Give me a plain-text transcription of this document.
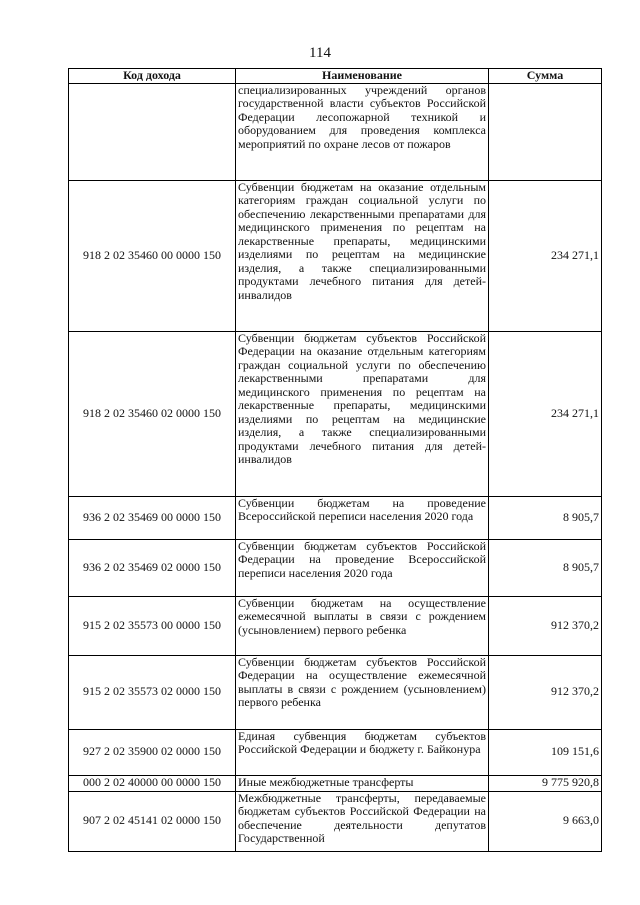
114
Код дохода	Наименование	Сумма
	специализированных учреждений органов государственной власти субъектов Российской Федерации лесопожарной техникой и оборудованием для проведения комплекса мероприятий по охране лесов от пожаров	
918 2 02 35460 00 0000 150	Субвенции бюджетам на оказание отдельным категориям граждан социальной услуги по обеспечению лекарственными препаратами для медицинского применения по рецептам на лекарственные препараты, медицинскими изделиями по рецептам на медицинские изделия, а также специализированными продуктами лечебного питания для детей-инвалидов	234 271,1
918 2 02 35460 02 0000 150	Субвенции бюджетам субъектов Российской Федерации на оказание отдельным категориям граждан социальной услуги по обеспечению лекарственными препаратами для медицинского применения по рецептам на лекарственные препараты, медицинскими изделиями по рецептам на медицинские изделия, а также специализированными продуктами лечебного питания для детей-инвалидов	234 271,1
936 2 02 35469 00 0000 150	Субвенции бюджетам на проведение Всероссийской переписи населения 2020 года	8 905,7
936 2 02 35469 02 0000 150	Субвенции бюджетам субъектов Российской Федерации на проведение Всероссийской переписи населения 2020 года	8 905,7
915 2 02 35573 00 0000 150	Субвенции бюджетам на осуществление ежемесячной выплаты в связи с рождением (усыновлением) первого ребенка	912 370,2
915 2 02 35573 02 0000 150	Субвенции бюджетам субъектов Российской Федерации на осуществление ежемесячной выплаты в связи с рождением (усыновлением) первого ребенка	912 370,2
927 2 02 35900 02 0000 150	Единая субвенция бюджетам субъектов Российской Федерации и бюджету г. Байконура	109 151,6
000 2 02 40000 00 0000 150	Иные межбюджетные трансферты	9 775 920,8
907 2 02 45141 02 0000 150	Межбюджетные трансферты, передаваемые бюджетам субъектов Российской Федерации на обеспечение деятельности депутатов Государственной	9 663,0
